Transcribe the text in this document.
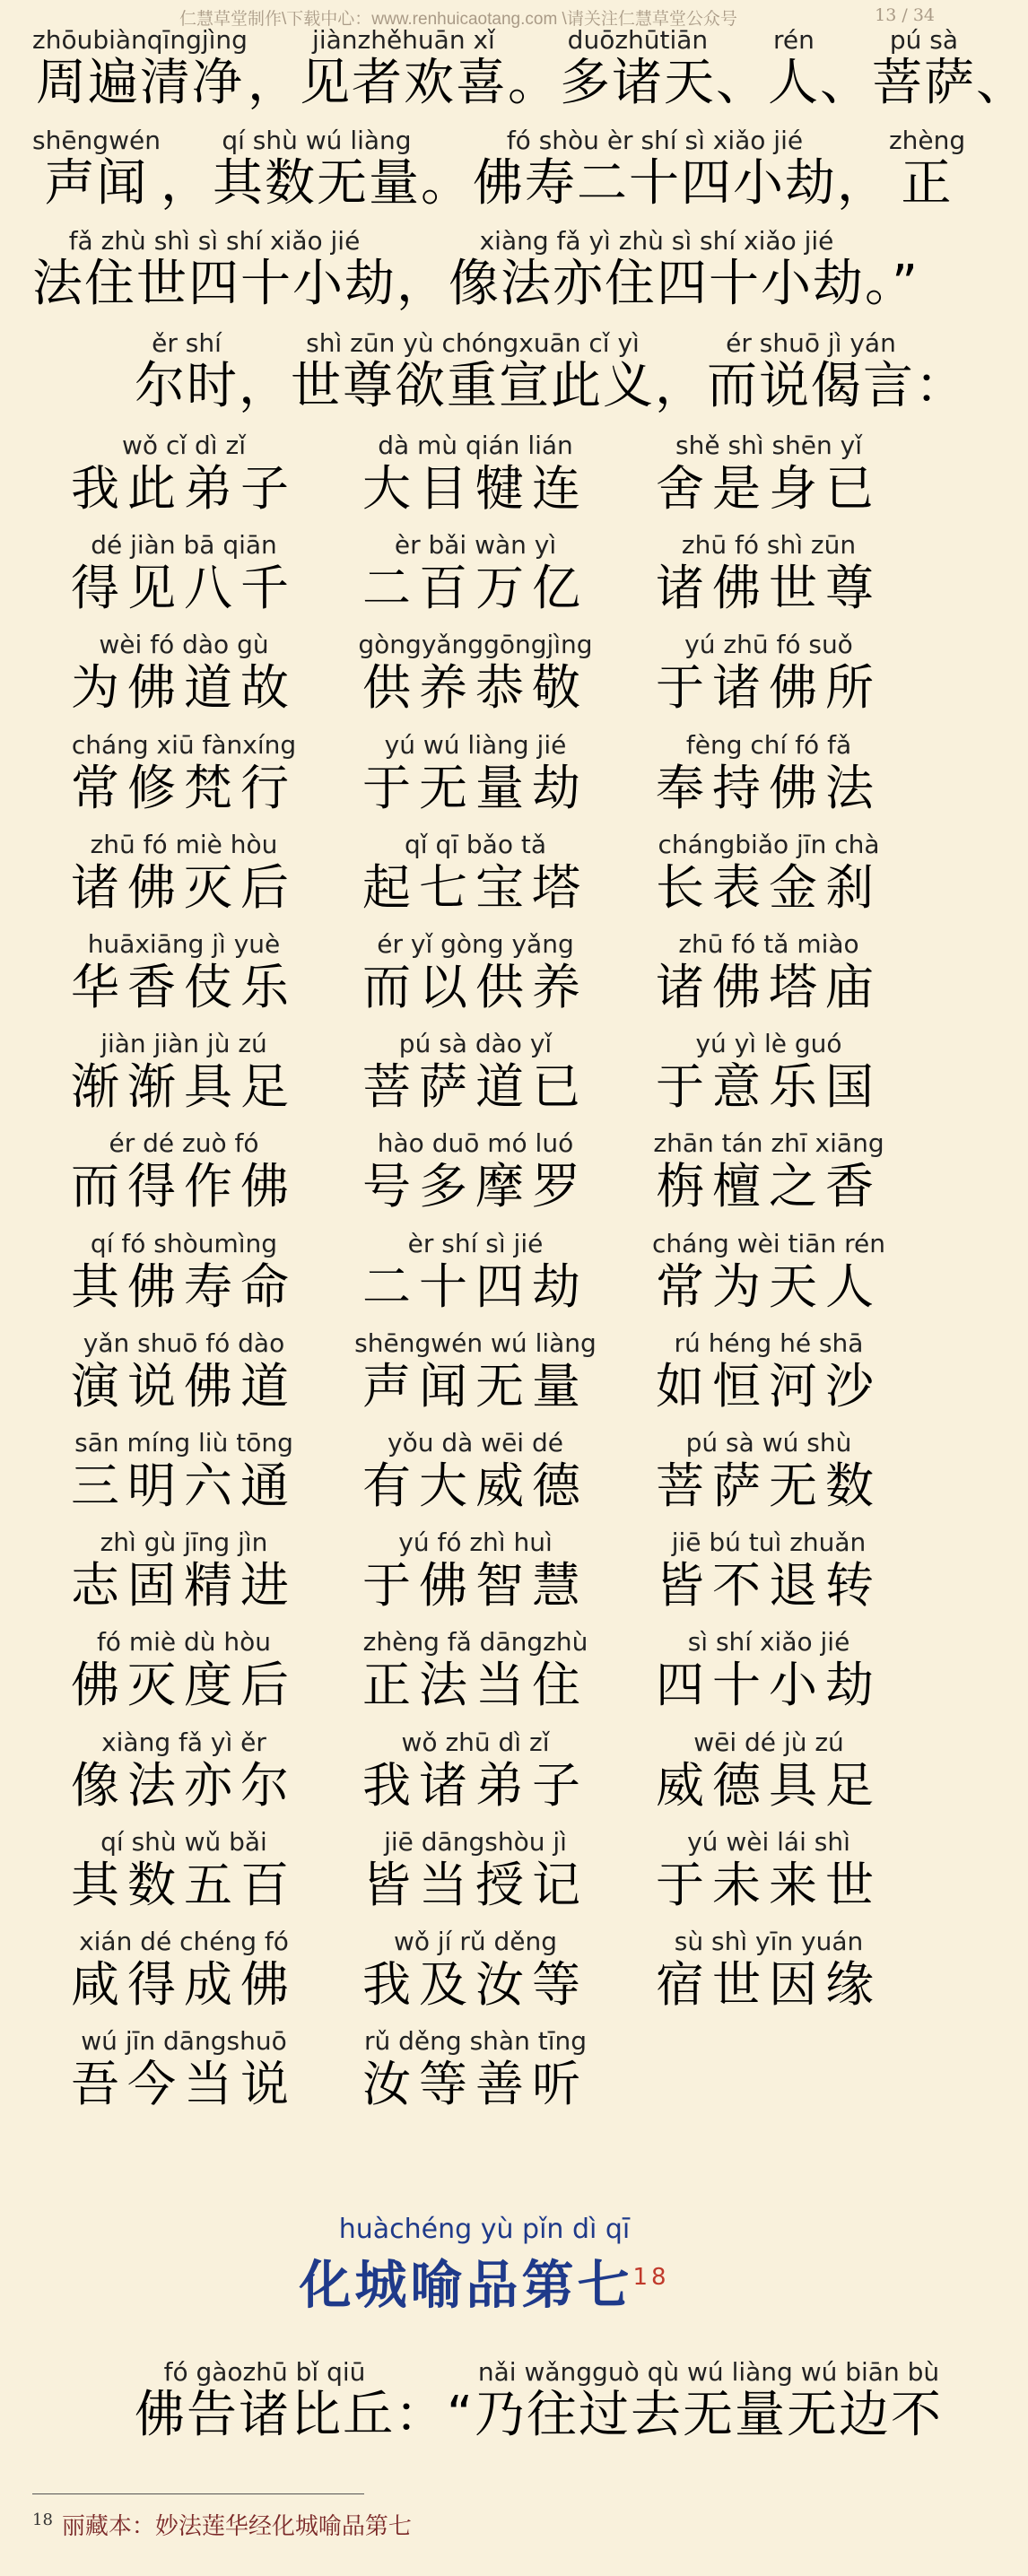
仁慧草堂制作\下载中心：www.renhuicaotang.com \请关注仁慧草堂公众号	13 / 34
zhōubiànqīngjìng
周遍清净
，
jiànzhěhuān xǐ
见者欢喜
。
duōzhūtiān
多诸天
、
rén
人
、
pú sà
菩萨
、
shēngwén
声闻
，
qí shù wú liàng
其数无量
。
fó shòu èr shí sì xiǎo jié
佛寿二十四小劫
，
zhèng
正
fǎ zhù shì sì shí xiǎo jié
法住世四十小劫
，
xiàng fǎ yì zhù sì shí xiǎo jié
像法亦住四十小劫
。”
ěr shí
尔时
，
shì zūn yù chóngxuān cǐ yì
世尊欲重宣此义
，
ér shuō jì yán
而说偈言
：
wǒ cǐ dì zǐ
我此弟子
dà mù qián lián
大目犍连
shě shì shēn yǐ
舍是身已
dé jiàn bā qiān
得见八千
èr bǎi wàn yì
二百万亿
zhū fó shì zūn
诸佛世尊
wèi fó dào gù
为佛道故
gòngyǎnggōngjìng
供养恭敬
yú zhū fó suǒ
于诸佛所
cháng xiū fànxíng
常修梵行
yú wú liàng jié
于无量劫
fèng chí fó fǎ
奉持佛法
zhū fó miè hòu
诸佛灭后
qǐ qī bǎo tǎ
起七宝塔
chángbiǎo jīn chà
长表金刹
huāxiāng jì yuè
华香伎乐
ér yǐ gòng yǎng
而以供养
zhū fó tǎ miào
诸佛塔庙
jiàn jiàn jù zú
渐渐具足
pú sà dào yǐ
菩萨道已
yú yì lè guó
于意乐国
ér dé zuò fó
而得作佛
hào duō mó luó
号多摩罗
zhān tán zhī xiāng
栴檀之香
qí fó shòumìng
其佛寿命
èr shí sì jié
二十四劫
cháng wèi tiān rén
常为天人
yǎn shuō fó dào
演说佛道
shēngwén wú liàng
声闻无量
rú héng hé shā
如恒河沙
sān míng liù tōng
三明六通
yǒu dà wēi dé
有大威德
pú sà wú shù
菩萨无数
zhì gù jīng jìn
志固精进
yú fó zhì huì
于佛智慧
jiē bú tuì zhuǎn
皆不退转
fó miè dù hòu
佛灭度后
zhèng fǎ dāngzhù
正法当住
sì shí xiǎo jié
四十小劫
xiàng fǎ yì ěr
像法亦尔
wǒ zhū dì zǐ
我诸弟子
wēi dé jù zú
威德具足
qí shù wǔ bǎi
其数五百
jiē dāngshòu jì
皆当授记
yú wèi lái shì
于未来世
xián dé chéng fó
咸得成佛
wǒ jí rǔ děng
我及汝等
sù shì yīn yuán
宿世因缘
wú jīn dāngshuō
吾今当说
rǔ děng shàn tīng
汝等善听
huàchéng yù pǐn dì qī
化城喻品第七$^{18}$
fó gàozhū bǐ qiū
佛告诸比丘
：“
nǎi wǎngguò qù wú liàng wú biān bù
乃往过去无量无边不
$^{18}$ 丽藏本：妙法莲华经化城喻品第七
